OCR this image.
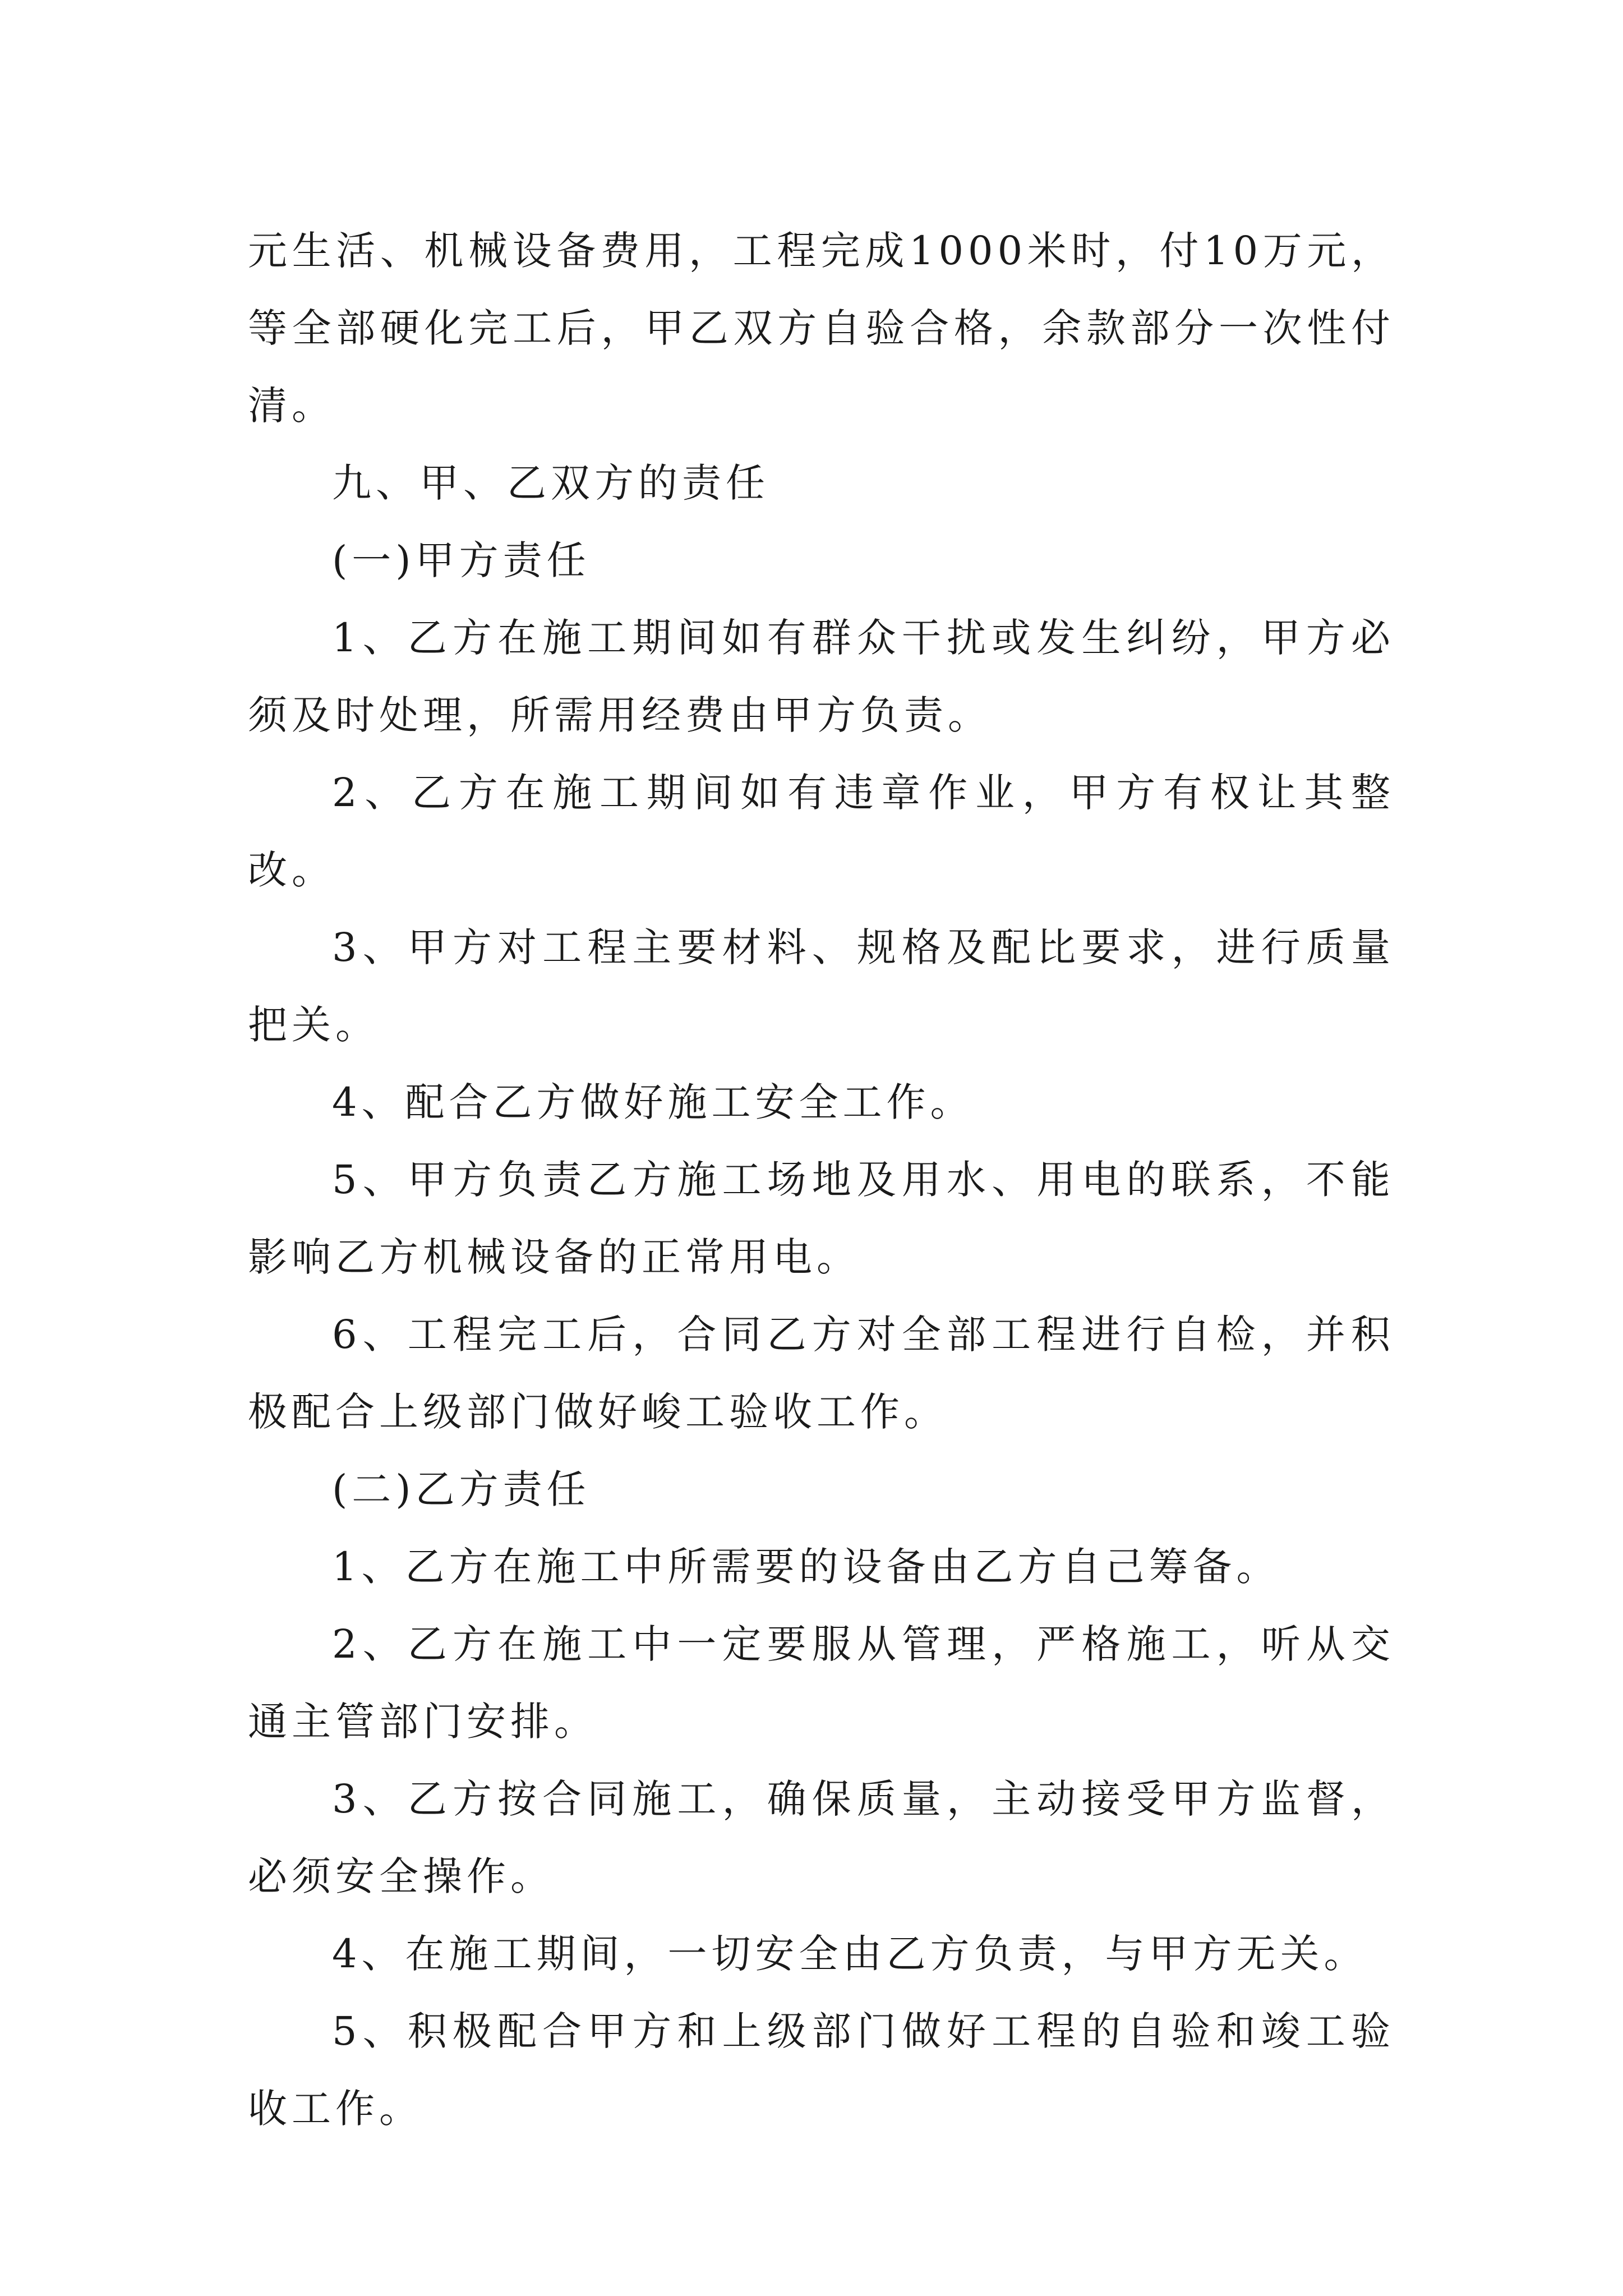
元生活、机械设备费用，工程完成1000米时，付10万元，等全部硬化完工后，甲乙双方自验合格，余款部分一次性付清。

九、甲、乙双方的责任

(一)甲方责任

1、乙方在施工期间如有群众干扰或发生纠纷，甲方必须及时处理，所需用经费由甲方负责。

2、乙方在施工期间如有违章作业，甲方有权让其整改。

3、甲方对工程主要材料、规格及配比要求，进行质量把关。

4、配合乙方做好施工安全工作。

5、甲方负责乙方施工场地及用水、用电的联系，不能影响乙方机械设备的正常用电。

6、工程完工后，合同乙方对全部工程进行自检，并积极配合上级部门做好峻工验收工作。

(二)乙方责任

1、乙方在施工中所需要的设备由乙方自己筹备。

2、乙方在施工中一定要服从管理，严格施工，听从交通主管部门安排。

3、乙方按合同施工，确保质量，主动接受甲方监督，必须安全操作。

4、在施工期间，一切安全由乙方负责，与甲方无关。

5、积极配合甲方和上级部门做好工程的自验和竣工验收工作。
